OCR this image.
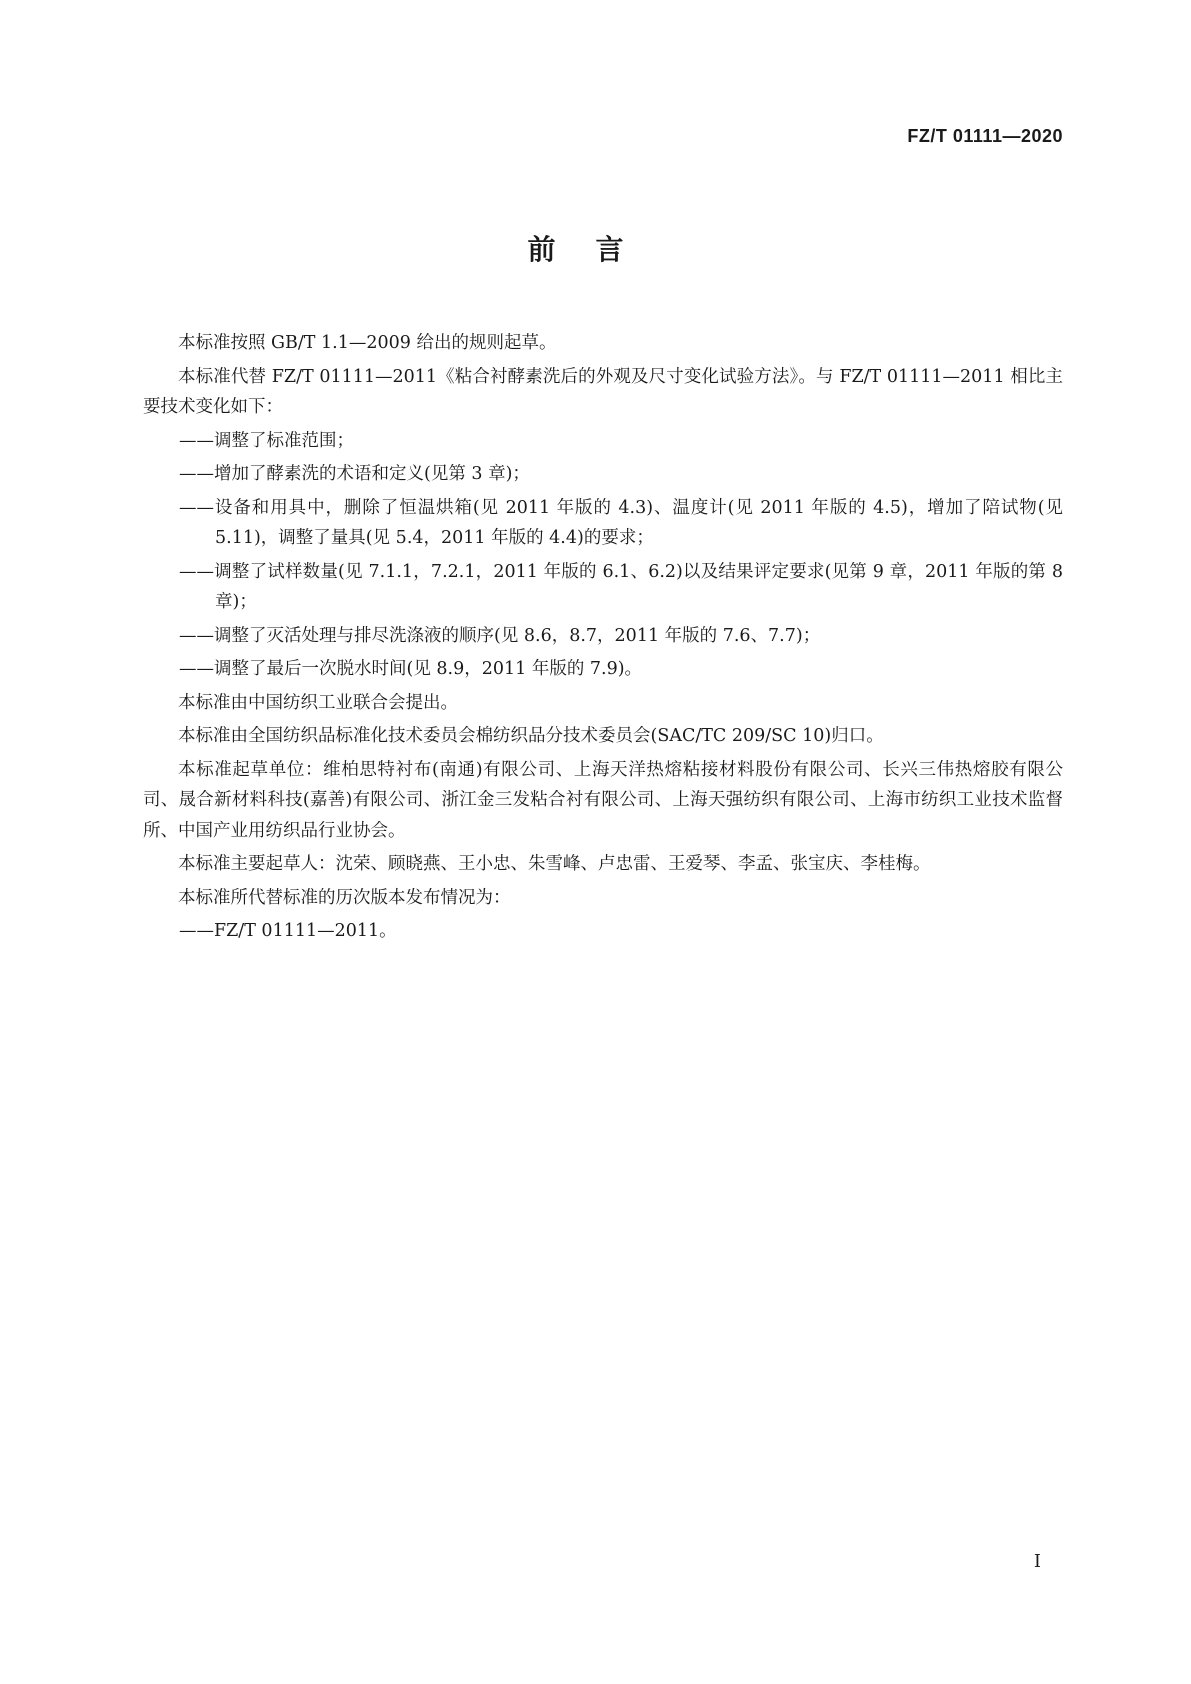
FZ/T 01111—2020
前言
本标准按照 GB/T 1.1—2009 给出的规则起草。
本标准代替 FZ/T 01111—2011《粘合衬酵素洗后的外观及尺寸变化试验方法》。与 FZ/T 01111—2011 相比主要技术变化如下：
——调整了标准范围；
——增加了酵素洗的术语和定义(见第 3 章)；
——设备和用具中，删除了恒温烘箱(见 2011 年版的 4.3)、温度计(见 2011 年版的 4.5)，增加了陪试物(见 5.11)，调整了量具(见 5.4，2011 年版的 4.4)的要求；
——调整了试样数量(见 7.1.1，7.2.1，2011 年版的 6.1、6.2)以及结果评定要求(见第 9 章，2011 年版的第 8 章)；
——调整了灭活处理与排尽洗涤液的顺序(见 8.6，8.7，2011 年版的 7.6、7.7)；
——调整了最后一次脱水时间(见 8.9，2011 年版的 7.9)。
本标准由中国纺织工业联合会提出。
本标准由全国纺织品标准化技术委员会棉纺织品分技术委员会(SAC/TC 209/SC 10)归口。
本标准起草单位：维柏思特衬布(南通)有限公司、上海天洋热熔粘接材料股份有限公司、长兴三伟热熔胶有限公司、晟合新材料科技(嘉善)有限公司、浙江金三发粘合衬有限公司、上海天强纺织有限公司、上海市纺织工业技术监督所、中国产业用纺织品行业协会。
本标准主要起草人：沈荣、顾晓燕、王小忠、朱雪峰、卢忠雷、王爱琴、李孟、张宝庆、李桂梅。
本标准所代替标准的历次版本发布情况为：
——FZ/T 01111—2011。
I
